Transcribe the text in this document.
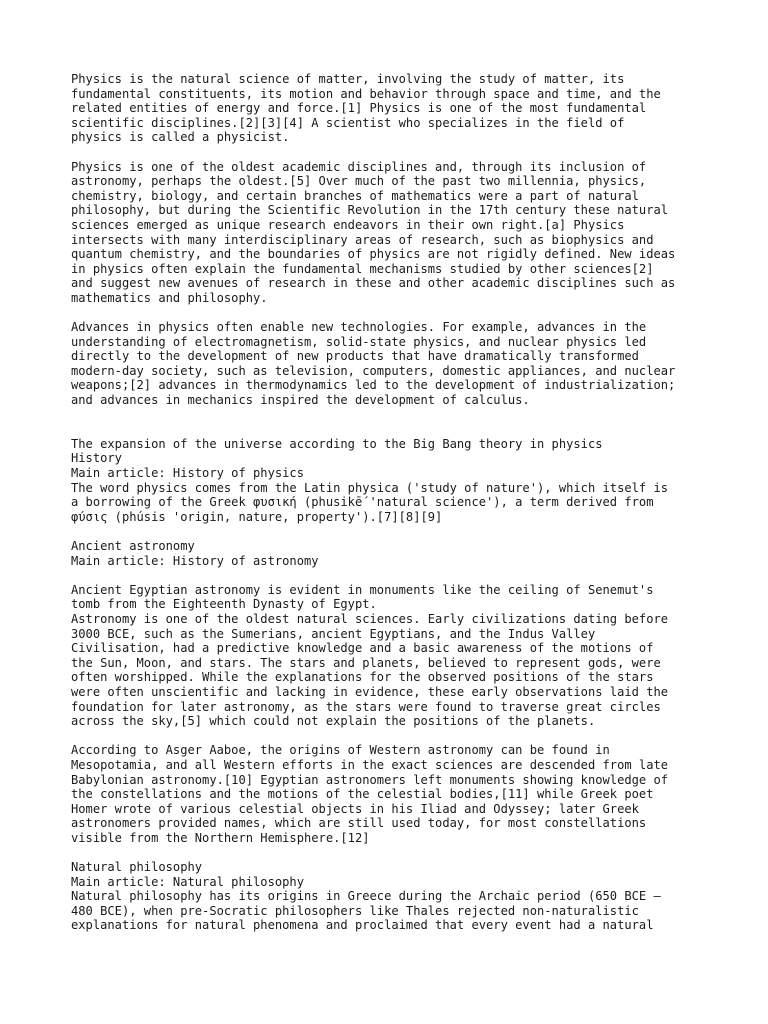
Physics is the natural science of matter, involving the study of matter, its
fundamental constituents, its motion and behavior through space and time, and the
related entities of energy and force.[1] Physics is one of the most fundamental
scientific disciplines.[2][3][4] A scientist who specializes in the field of
physics is called a physicist.
Physics is one of the oldest academic disciplines and, through its inclusion of
astronomy, perhaps the oldest.[5] Over much of the past two millennia, physics,
chemistry, biology, and certain branches of mathematics were a part of natural
philosophy, but during the Scientific Revolution in the 17th century these natural
sciences emerged as unique research endeavors in their own right.[a] Physics
intersects with many interdisciplinary areas of research, such as biophysics and
quantum chemistry, and the boundaries of physics are not rigidly defined. New ideas
in physics often explain the fundamental mechanisms studied by other sciences[2]
and suggest new avenues of research in these and other academic disciplines such as
mathematics and philosophy.
Advances in physics often enable new technologies. For example, advances in the
understanding of electromagnetism, solid-state physics, and nuclear physics led
directly to the development of new products that have dramatically transformed
modern-day society, such as television, computers, domestic appliances, and nuclear
weapons;[2] advances in thermodynamics led to the development of industrialization;
and advances in mechanics inspired the development of calculus.
The expansion of the universe according to the Big Bang theory in physics
History
Main article: History of physics
The word physics comes from the Latin physica ('study of nature'), which itself is
a borrowing of the Greek φυσική (phusikḗ 'natural science'), a term derived from
φύσις (phúsis 'origin, nature, property').[7][8][9]
Ancient astronomy
Main article: History of astronomy
Ancient Egyptian astronomy is evident in monuments like the ceiling of Senemut's
tomb from the Eighteenth Dynasty of Egypt.
Astronomy is one of the oldest natural sciences. Early civilizations dating before
3000 BCE, such as the Sumerians, ancient Egyptians, and the Indus Valley
Civilisation, had a predictive knowledge and a basic awareness of the motions of
the Sun, Moon, and stars. The stars and planets, believed to represent gods, were
often worshipped. While the explanations for the observed positions of the stars
were often unscientific and lacking in evidence, these early observations laid the
foundation for later astronomy, as the stars were found to traverse great circles
across the sky,[5] which could not explain the positions of the planets.
According to Asger Aaboe, the origins of Western astronomy can be found in
Mesopotamia, and all Western efforts in the exact sciences are descended from late
Babylonian astronomy.[10] Egyptian astronomers left monuments showing knowledge of
the constellations and the motions of the celestial bodies,[11] while Greek poet
Homer wrote of various celestial objects in his Iliad and Odyssey; later Greek
astronomers provided names, which are still used today, for most constellations
visible from the Northern Hemisphere.[12]
Natural philosophy
Main article: Natural philosophy
Natural philosophy has its origins in Greece during the Archaic period (650 BCE –
480 BCE), when pre-Socratic philosophers like Thales rejected non-naturalistic
explanations for natural phenomena and proclaimed that every event had a natural
